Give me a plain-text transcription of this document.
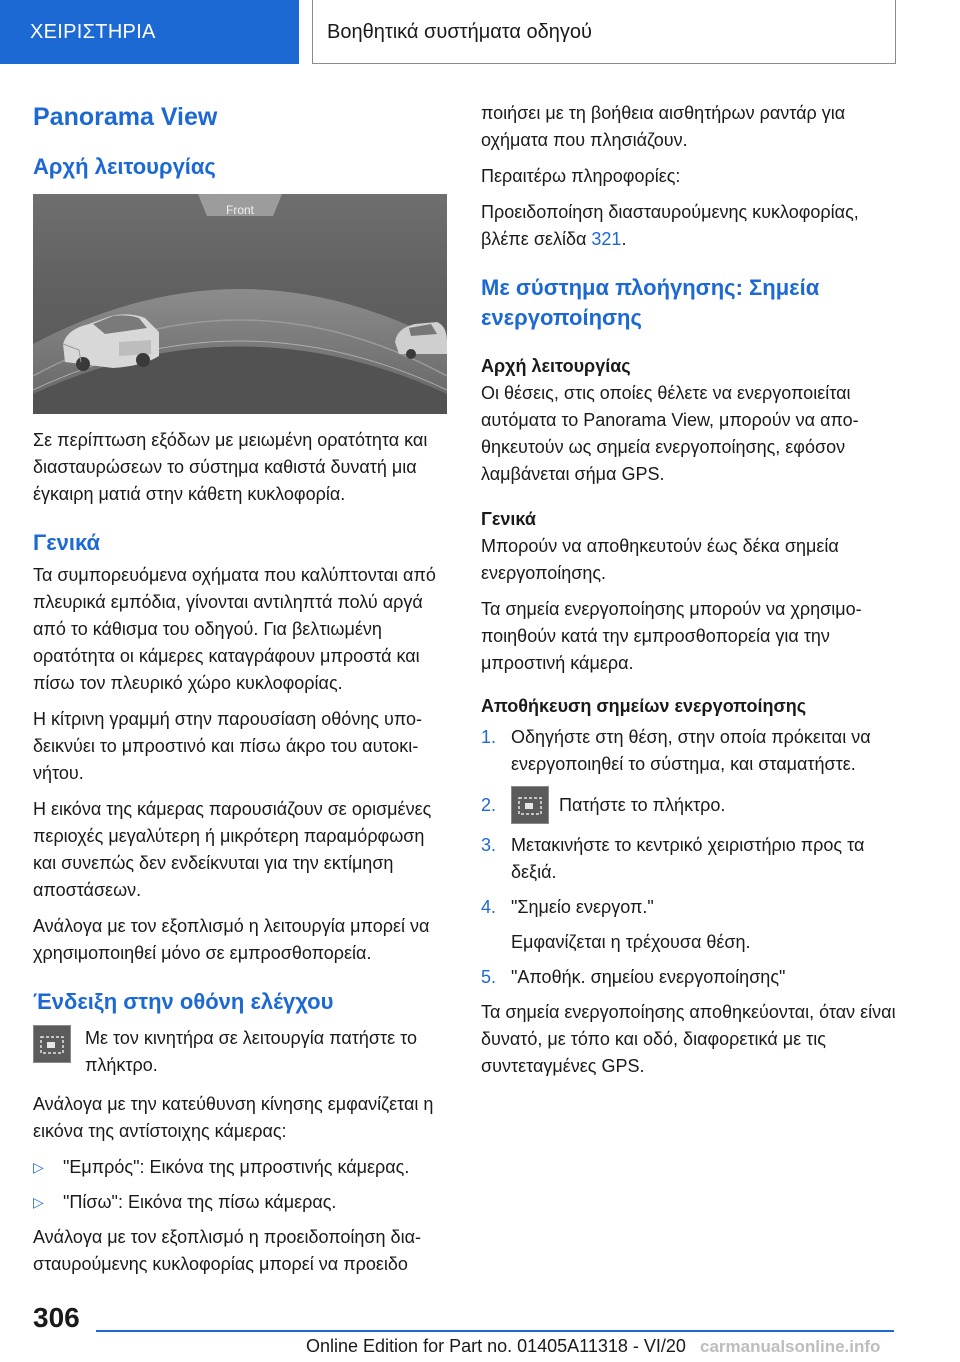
ΧΕΙΡΙΣΤΗΡΙΑ	Βοηθητικά συστήματα οδηγού
Panorama View
Αρχή λειτουργίας
Front

Σε περίπτωση εξόδων με μειωμένη ορατότητα και διασταυρώσεων το σύστημα καθιστά δυνατή μια έγκαιρη ματιά στην κάθετη κυκλοφορία.

Γενικά

Τα συμπορευόμενα οχήματα που καλύπτονται από πλευρικά εμπόδια, γίνονται αντιληπτά πολύ αργά από το κάθισμα του οδηγού. Για βελτιωμένη ορατότητα οι κάμερες καταγράφουν μπροστά και πίσω τον πλευρικό χώρο κυκλοφορίας.

Η κίτρινη γραμμή στην παρουσίαση οθόνης υποδεικνύει το μπροστινό και πίσω άκρο του αυτοκινήτου.

Η εικόνα της κάμερας παρουσιάζουν σε ορισμένες περιοχές μεγαλύτερη ή μικρότερη παραμόρφωση και συνεπώς δεν ενδείκνυται για την εκτίμηση αποστάσεων.

Ανάλογα με τον εξοπλισμό η λειτουργία μπορεί να χρησιμοποιηθεί μόνο σε εμπροσθοπορεία.

Ένδειξη στην οθόνη ελέγχου
Με τον κινητήρα σε λειτουργία πατήστε το πλήκτρο.

Ανάλογα με την κατεύθυνση κίνησης εμφανίζεται η εικόνα της αντίστοιχης κάμερας:

▷	"Εμπρός": Εικόνα της μπροστινής κάμερας.
▷	"Πίσω": Εικόνα της πίσω κάμερας.

Ανάλογα με τον εξοπλισμό η προειδοποίηση διασταυρούμενης κυκλοφορίας μπορεί να προειδο

ποιήσει με τη βοήθεια αισθητήρων ραντάρ για οχήματα που πλησιάζουν.

Περαιτέρω πληροφορίες:

Προειδοποίηση διασταυρούμενης κυκλοφορίας, βλέπε σελίδα 321.

Με σύστημα πλοήγησης: Σημεία ενεργοποίησης
Αρχή λειτουργίας

Οι θέσεις, στις οποίες θέλετε να ενεργοποιείται αυτόματα το Panorama View, μπορούν να αποθηκευτούν ως σημεία ενεργοποίησης, εφόσον λαμβάνεται σήμα GPS.

Γενικά

Μπορούν να αποθηκευτούν έως δέκα σημεία ενεργοποίησης.

Τα σημεία ενεργοποίησης μπορούν να χρησιμοποιηθούν κατά την εμπροσθοπορεία για την μπροστινή κάμερα.

Αποθήκευση σημείων ενεργοποίησης
1. Οδηγήστε στη θέση, στην οποία πρόκειται να ενεργοποιηθεί το σύστημα, και σταματήστε.
2.	Πατήστε το πλήκτρο.
3. Μετακινήστε το κεντρικό χειριστήριο προς τα δεξιά.
4. "Σημείο ενεργοπ."
Εμφανίζεται η τρέχουσα θέση.
5. "Αποθήκ. σημείου ενεργοποίησης"

Τα σημεία ενεργοποίησης αποθηκεύονται, όταν είναι δυνατό, με τόπο και οδό, διαφορετικά με τις συντεταγμένες GPS.

306
Online Edition for Part no. 01405A11318 - VI/20 carmanualsonline.info
